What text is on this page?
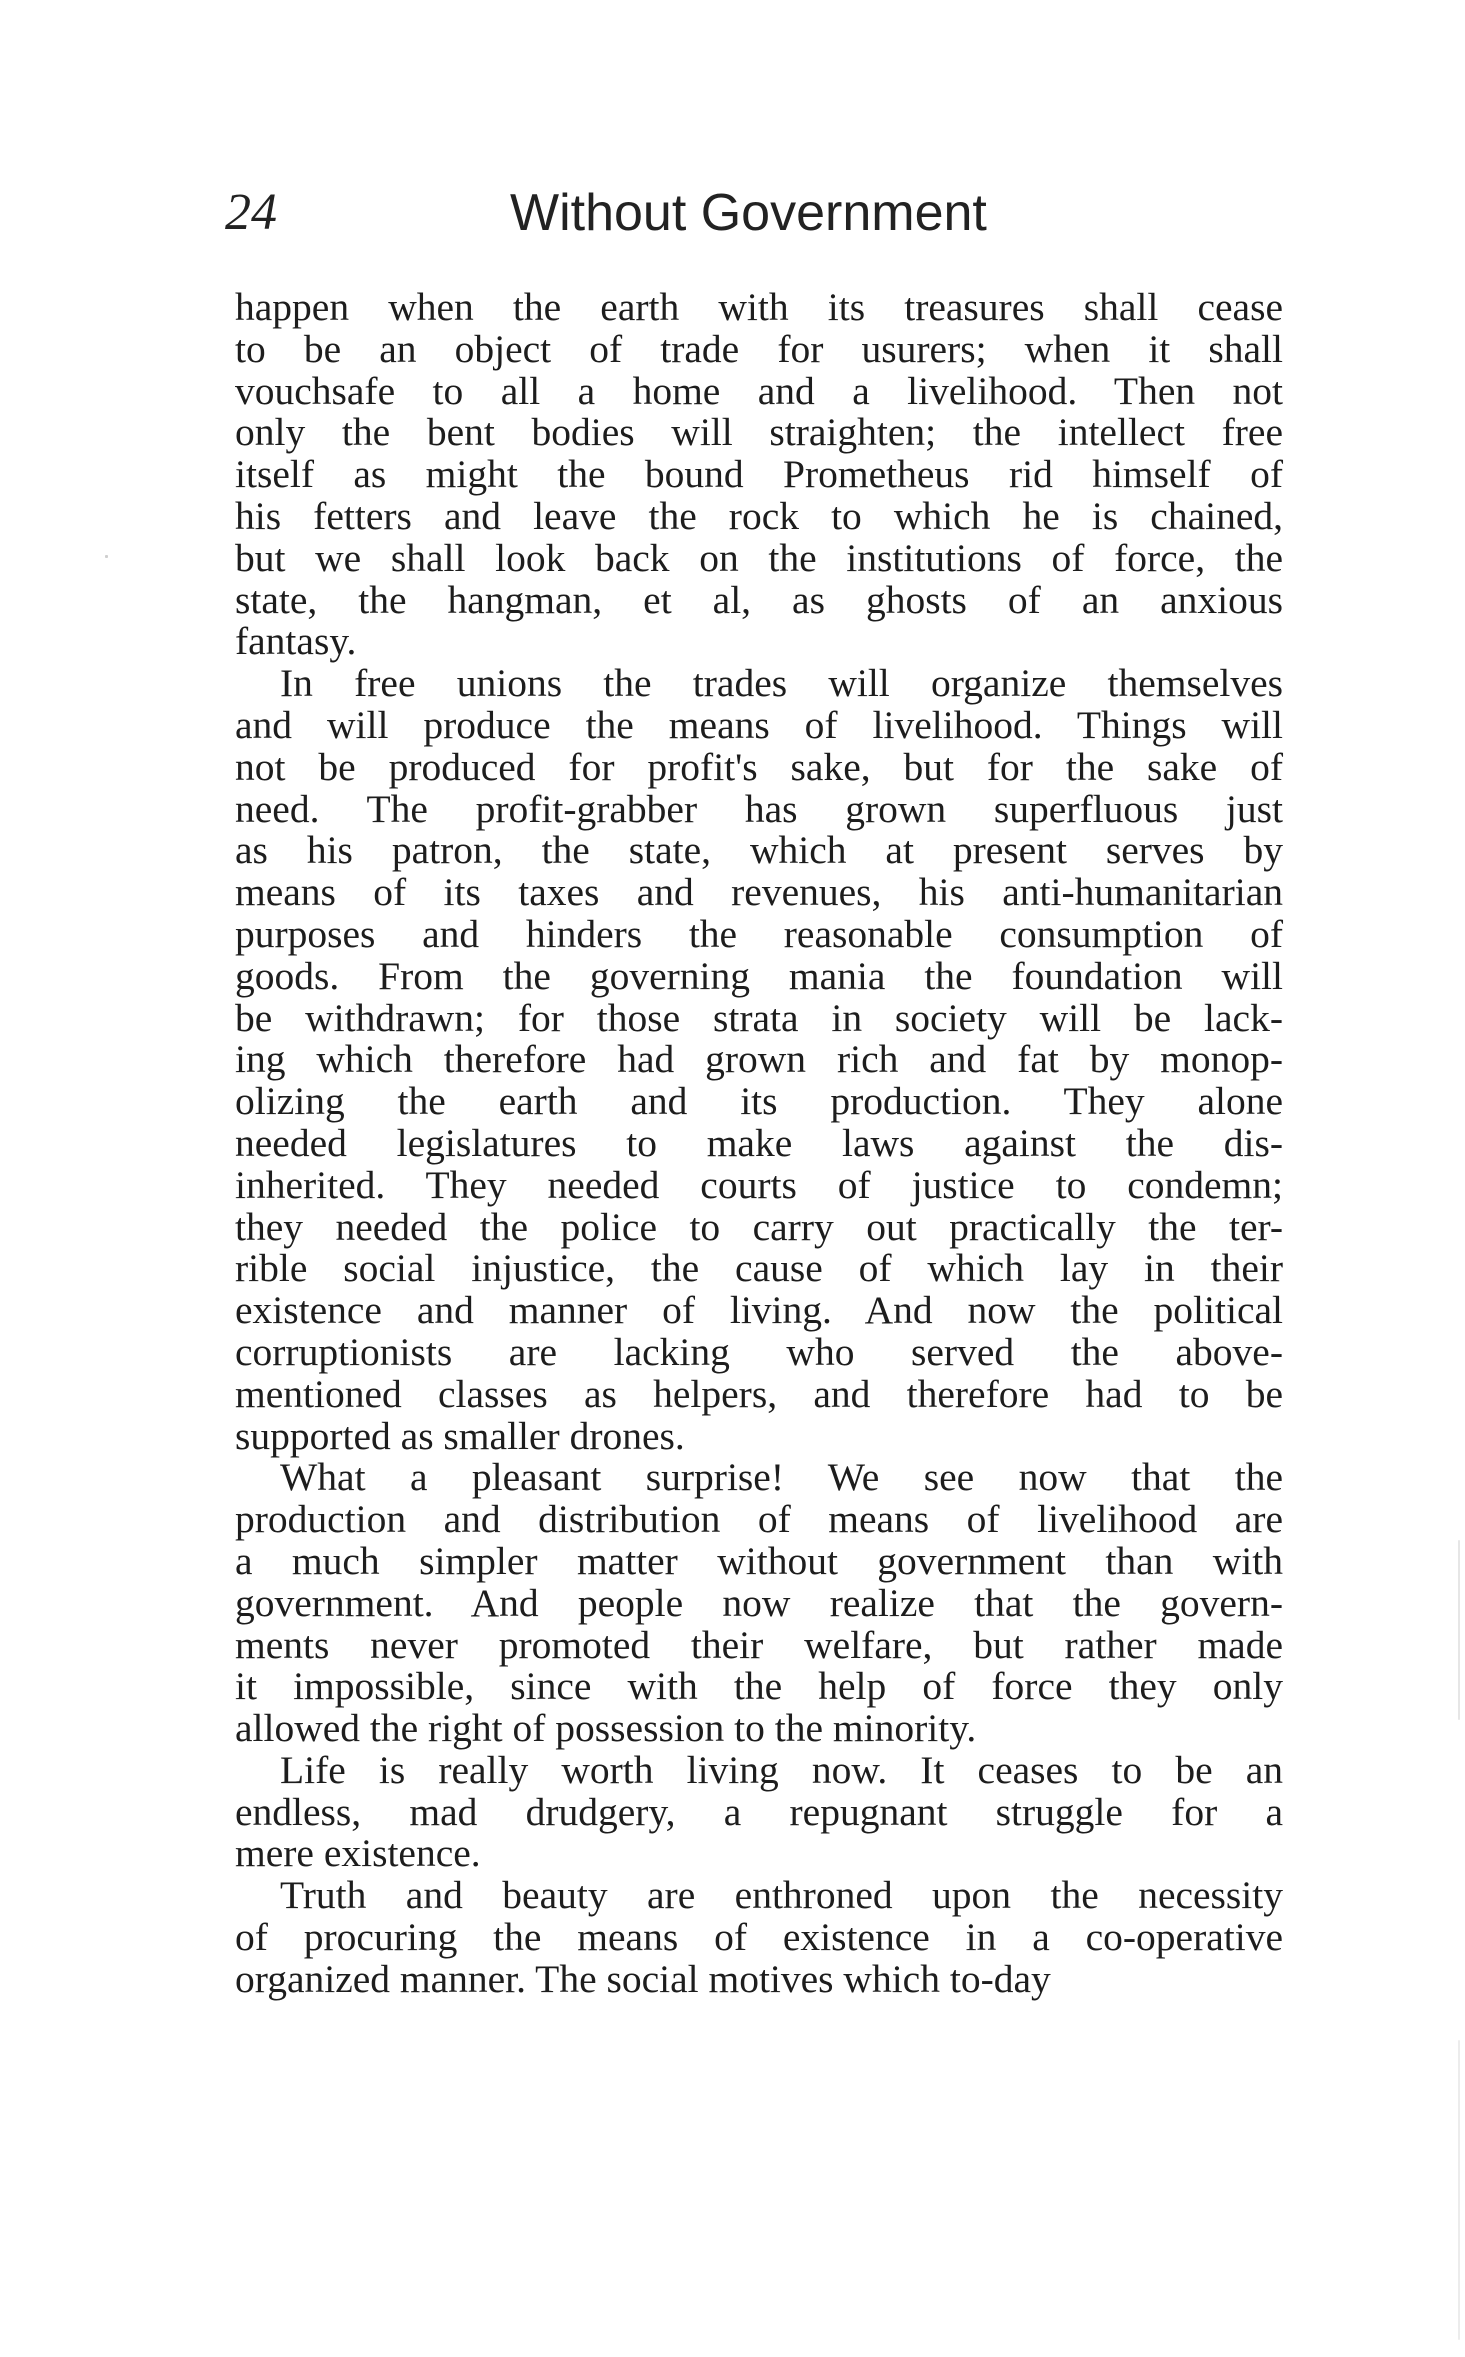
24	Without Government

happen when the earth with its treasures shall cease
to be an object of trade for usurers; when it shall
vouchsafe to all a home and a livelihood. Then not
only the bent bodies will straighten; the intellect free
itself as might the bound Prometheus rid himself of
his fetters and leave the rock to which he is chained,
but we shall look back on the institutions of force, the
state, the hangman, et al, as ghosts of an anxious
fantasy.

In free unions the trades will organize themselves
and will produce the means of livelihood. Things will
not be produced for profit's sake, but for the sake of
need. The profit-grabber has grown superfluous just
as his patron, the state, which at present serves by
means of its taxes and revenues, his anti-humanitarian
purposes and hinders the reasonable consumption of
goods. From the governing mania the foundation will
be withdrawn; for those strata in society will be lack-
ing which therefore had grown rich and fat by monop-
olizing the earth and its production. They alone
needed legislatures to make laws against the dis-
inherited. They needed courts of justice to condemn;
they needed the police to carry out practically the ter-
rible social injustice, the cause of which lay in their
existence and manner of living. And now the political
corruptionists are lacking who served the above-
mentioned classes as helpers, and therefore had to be
supported as smaller drones.

What a pleasant surprise! We see now that the
production and distribution of means of livelihood are
a much simpler matter without government than with
government. And people now realize that the govern-
ments never promoted their welfare, but rather made
it impossible, since with the help of force they only
allowed the right of possession to the minority.

Life is really worth living now. It ceases to be an
endless, mad drudgery, a repugnant struggle for a
mere existence.

Truth and beauty are enthroned upon the necessity
of procuring the means of existence in a co-operative
organized manner. The social motives which to-day
